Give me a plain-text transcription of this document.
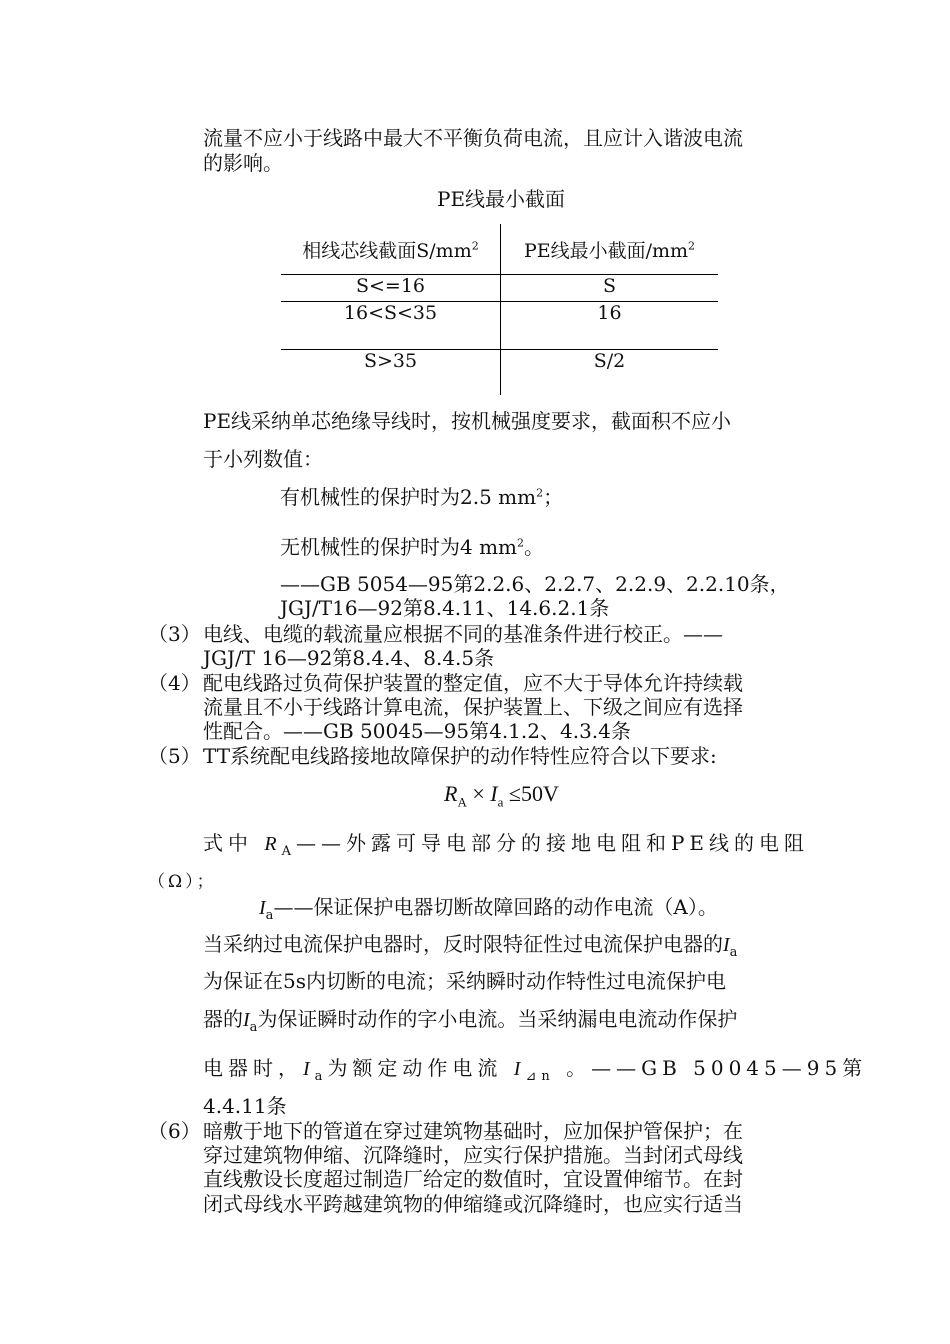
流量不应小于线路中最大不平衡负荷电流，且应计入谐波电流
的影响。
PE线最小截面
相线芯线截面$S/mm^2$	PE线最小截面$/mm^2$
S<=16	S
16<S<35	16
S>35	S/2
PE线采纳单芯绝缘导线时，按机械强度要求，截面积不应小
于小列数值：
有机械性的保护时为2.5 $mm^2$；
无机械性的保护时为4 $mm^2$。
——GB 5054—95第2.2.6、2.2.7、2.2.9、2.2.10条，
JGJ/T16—92第8.4.11、14.6.2.1条
（3） 电线、电缆的载流量应根据不同的基准条件进行校正。——
JGJ/T 16—92第8.4.4、8.4.5条
（4） 配电线路过负荷保护装置的整定值，应不大于导体允许持续载
流量且不小于线路计算电流，保护装置上、下级之间应有选择
性配合。——GB 50045—95第4.1.2、4.3.4条
（5） TT系统配电线路接地故障保护的动作特性应符合以下要求:
$R_A \times I_a \le 50V$
式中 $R_A——$外露可导电部分的接地电阻和PE线的电阻
（Ω）；
$I_a——$保证保护电器切断故障回路的动作电流（A）。
当采纳过电流保护电器时，反时限特征性过电流保护电器的$I_a$
为保证在5s内切断的电流；采纳瞬时动作特性过电流保护电
器的$I_a$为保证瞬时动作的字小电流。当采纳漏电电流动作保护
电器时，$I_a$为额定动作电流 $I_{⊿n}$ 。——GB 50045—95第
4.4.11条
（6） 暗敷于地下的管道在穿过建筑物基础时，应加保护管保护；在
穿过建筑物伸缩、沉降缝时，应实行保护措施。当封闭式母线
直线敷设长度超过制造厂给定的数值时，宜设置伸缩节。在封
闭式母线水平跨越建筑物的伸缩缝或沉降缝时，也应实行适当
